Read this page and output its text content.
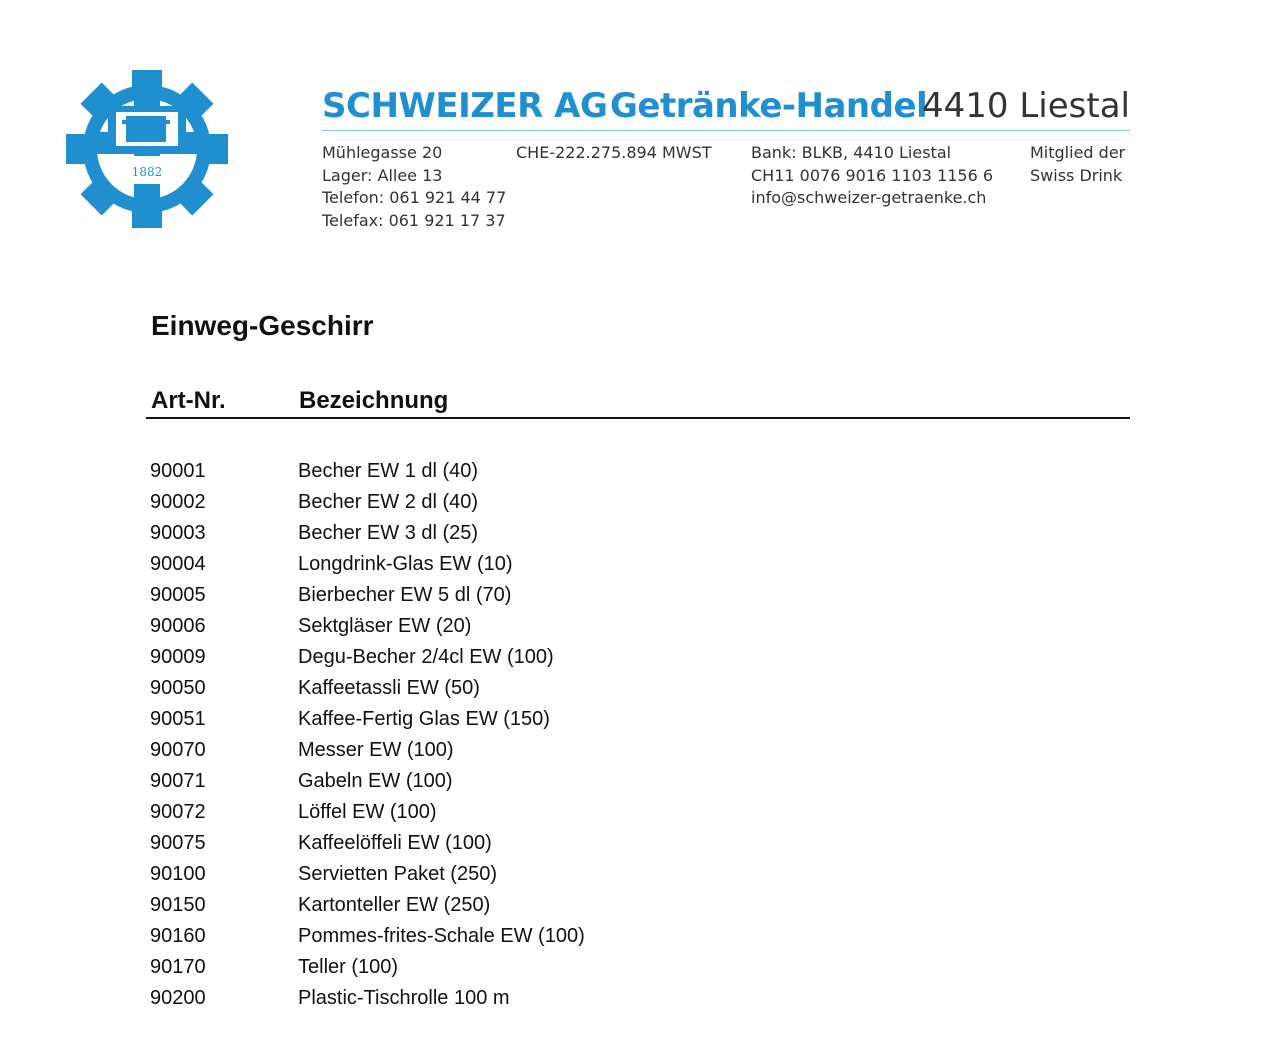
1882
SCHWEIZER AG Getränke-Handel
4410 Liestal
Mühlegasse 20
Lager: Allee 13
Telefon: 061 921 44 77
Telefax: 061 921 17 37
CHE-222.275.894 MWST Bank: BLKB, 4410 Liestal
CH11 0076 9016 1103 1156 6
info@schweizer-getraenke.ch
Mitglied der
Swiss Drink
Einweg-Geschirr
Art-Nr.	Bezeichnung
90001	Becher EW 1 dl (40)
90002	Becher EW 2 dl (40)
90003	Becher EW 3 dl (25)
90004	Longdrink-Glas EW (10)
90005	Bierbecher EW 5 dl (70)
90006	Sektgläser EW (20)
90009	Degu-Becher 2/4cl EW (100)
90050	Kaffeetassli EW (50)
90051	Kaffee-Fertig Glas EW (150)
90070	Messer EW (100)
90071	Gabeln EW (100)
90072	Löffel EW (100)
90075	Kaffeelöffeli EW (100)
90100	Servietten Paket (250)
90150	Kartonteller EW (250)
90160	Pommes-frites-Schale EW (100)
90170	Teller (100)
90200	Plastic-Tischrolle 100 m
